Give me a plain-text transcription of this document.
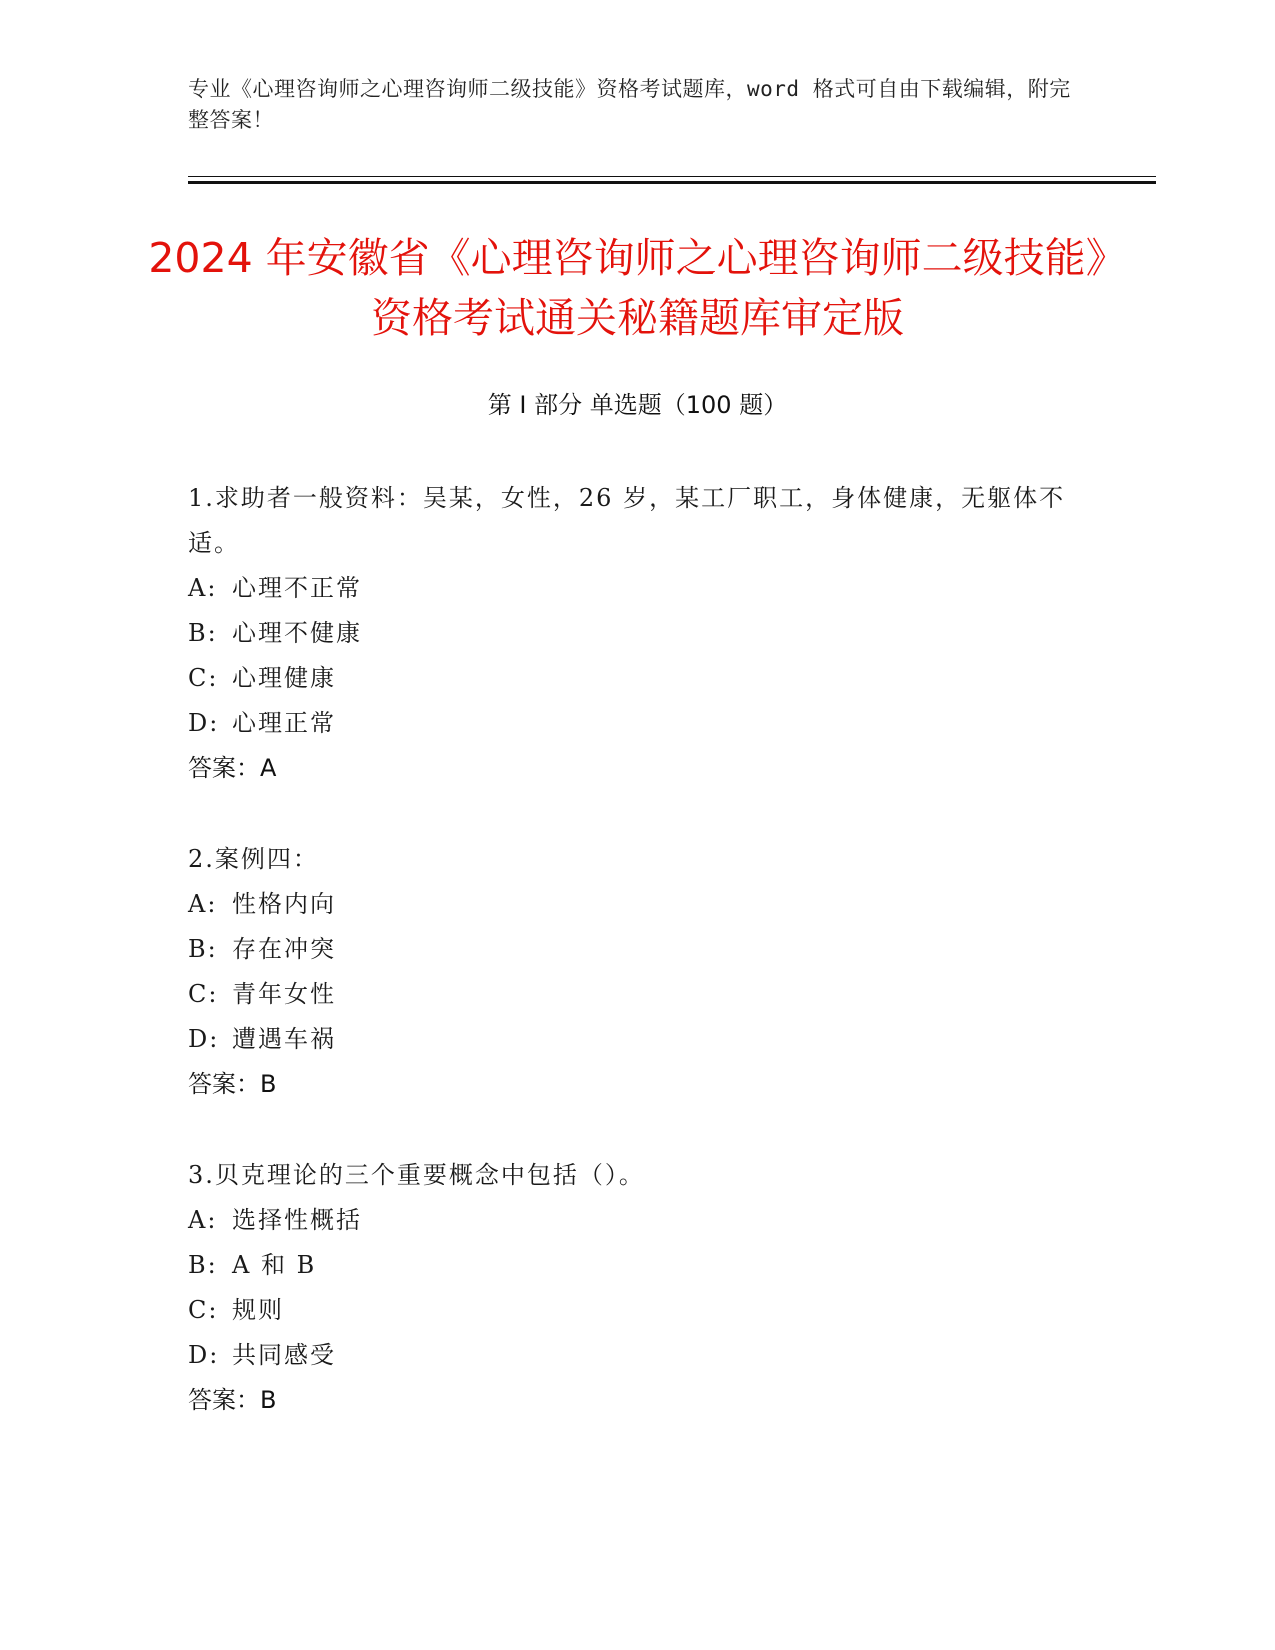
专业《心理咨询师之心理咨询师二级技能》资格考试题库，word 格式可自由下载编辑，附完整答案！
2024 年安徽省《心理咨询师之心理咨询师二级技能》资格考试通关秘籍题库审定版
第 I 部分 单选题（100 题）
1.求助者一般资料：吴某，女性，26 岁，某工厂职工，身体健康，无躯体不适。
A: 心理不正常
B: 心理不健康
C: 心理健康
D: 心理正常
答案：A
2.案例四：
A: 性格内向
B: 存在冲突
C: 青年女性
D: 遭遇车祸
答案：B
3.贝克理论的三个重要概念中包括（）。
A: 选择性概括
B: A 和 B
C: 规则
D: 共同感受
答案：B
